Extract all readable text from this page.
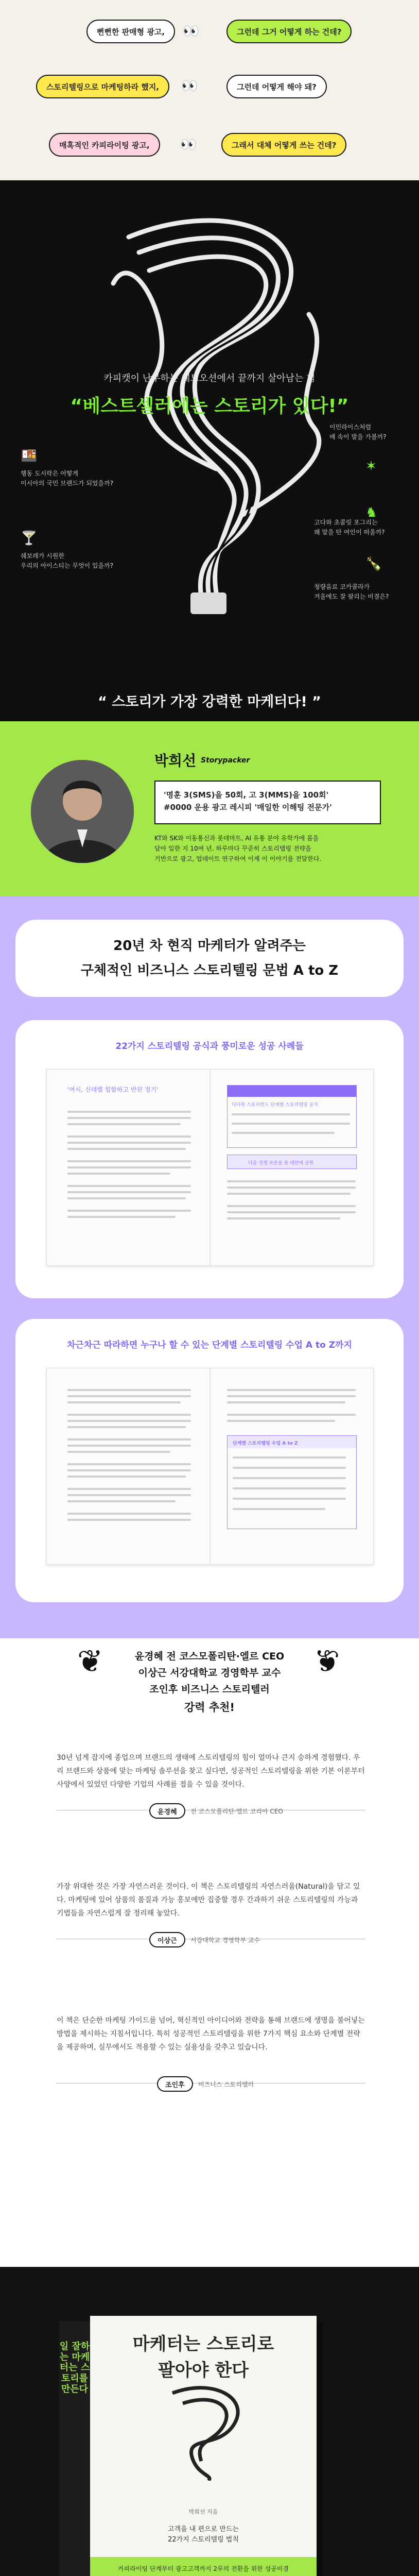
뻔뻔한 판매형 광고,	👀	그런데 그거 어떻게 하는 건데?
스토리텔링으로 마케팅하라 했지,	👀	그런데 어떻게 해야 돼?
매혹적인 카피라이팅 광고,	👀	그래서 대체 어떻게 쓰는 건데?
카피캣이 난무하는 레드오션에서 끝까지 살아남는 힘
“베스트셀러에는 스토리가 있다!”
🍱
행동 도시락은 어떻게
이시아의 국민 브랜드가 되었을까?
🍸
쉐보레가 시원한
우리의 아이스티는 무엇이 있을까?
✶
이민라이스처럼
배 속이 발을 가볼까?
♞
고다와 초콜릿 포그리는
왜 말을 탄 여인이 떠올까?
🍾
청량음료 코카콜라가
겨울에도 잘 팔리는 비결은?
“ 스토리가 가장 강력한 마케터다! ”
박희선 Storypacker
'명훈 3(SMS)을 50회, 고 3(MMS)을 100회'
#0000 운용 광고 레시피 '매일한 이해팅 전문가'
KT와 SK와 이동통신과 롯데마트, AI 유통 분야 유학가에 몸을
담아 일한 지 10여 년. 하루마다 꾸준히 스토리텔링 전략을
기반으로 광고, 업데이트 연구하여 이제 이 이야기를 전달한다.
20년 차 현직 마케터가 알려주는
구체적인 비즈니스 스토리텔링 문법 A to Z
22가지 스토리텔링 공식과 풍미로운 성공 사례들
'여시, 신데렐 힙합하고 반된 정기'
다다원 스토리헌드 단계별 스토리텔링 공식
다음 경쟁 표준을 볼 대한에 공원
차근차근 따라하면 누구나 할 수 있는 단계별 스토리텔링 수업 A to Z까지
단계별 스토리텔링 수업 A to Z
❦	❦
윤경혜 전 코스모폴리탄·엘르 CEO
이상근 서강대학교 경영학부 교수
조인후 비즈니스 스토리텔러
강력 추천!
30년 넘게 잡지에 종업으며 브랜드의 생태에 스토리텔링의 힘이 얼마나 큰지 숭하게 경험했다. 우리 브랜드와 상품에 맞는 마케팅 솔루션을 찾고 싶다면, 성공적인 스토리텔링을 위한 기본 이론부터 사양에서 있었던 다양한 기업의 사례를 접을 수 있을 것이다.
윤경혜	전 코스모폴리탄·엘르 코리아 CEO
가장 위대한 것은 가장 자연스러운 것이다. 이 책은 스토리텔링의 자연스러움(Natural)을 담고 있다. 마케팅에 있어 상품의 품질과 가능 홍보에만 집중할 경우 간과하기 쉬운 스토리텔링의 가능과 기법들을 자연스럽게 잘 정리해 놓았다.
이상근	서강대학교 경영학부 교수
이 책은 단순한 마케팅 가이드를 넘어, 혁신적인 아이디어와 전략을 통해 브랜드에 생명을 불어넣는 방법을 제시하는 지침서입니다. 특히 성공적인 스토리텔링을 위한 7가지 핵심 요소와 단계별 전략을 제공하며, 실무에서도 적용할 수 있는 실용성을 갖추고 있습니다.
조인후	비즈니스 스토리텔러
일 잘하는 마케터는 스토리를 만든다
마케터는 스토리로
팔아야 한다
박희선 지음
고객을 내 편으로 만드는
22가지 스토리텔링 법칙
카피라이팅 단계부터 광고고객까지 2루의 전환을 위한 성공비결
